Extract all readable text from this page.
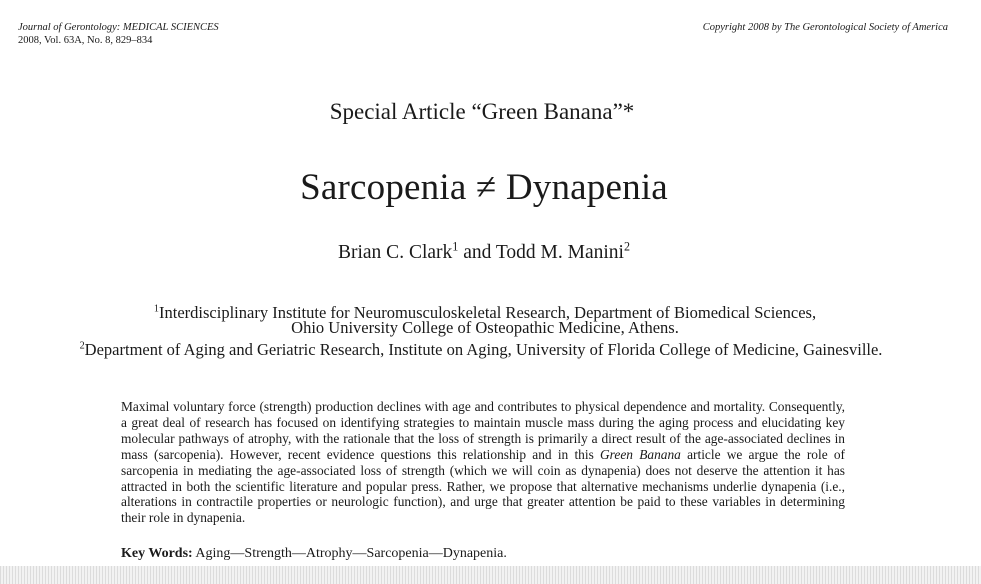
Journal of Gerontology: MEDICAL SCIENCES
2008, Vol. 63A, No. 8, 829–834
Copyright 2008 by The Gerontological Society of America
Special Article “Green Banana”*
Sarcopenia ≠ Dynapenia
Brian C. Clark$^1$ and Todd M. Manini$^2$
$^1$Interdisciplinary Institute for Neuromusculoskeletal Research, Department of Biomedical Sciences,
Ohio University College of Osteopathic Medicine, Athens.
$^2$Department of Aging and Geriatric Research, Institute on Aging, University of Florida College of Medicine, Gainesville.
Maximal voluntary force (strength) production declines with age and contributes to physical dependence and mortality. Consequently, a great deal of research has focused on identifying strategies to maintain muscle mass during the aging process and elucidating key molecular pathways of atrophy, with the rationale that the loss of strength is primarily a direct result of the age-associated declines in mass (sarcopenia). However, recent evidence questions this relationship and in this Green Banana article we argue the role of sarcopenia in mediating the age-associated loss of strength (which we will coin as dynapenia) does not deserve the attention it has attracted in both the scientific literature and popular press. Rather, we propose that alternative mechanisms underlie dynapenia (i.e., alterations in contractile properties or neurologic function), and urge that greater attention be paid to these variables in determining their role in dynapenia.
Key Words: Aging—Strength—Atrophy—Sarcopenia—Dynapenia.
